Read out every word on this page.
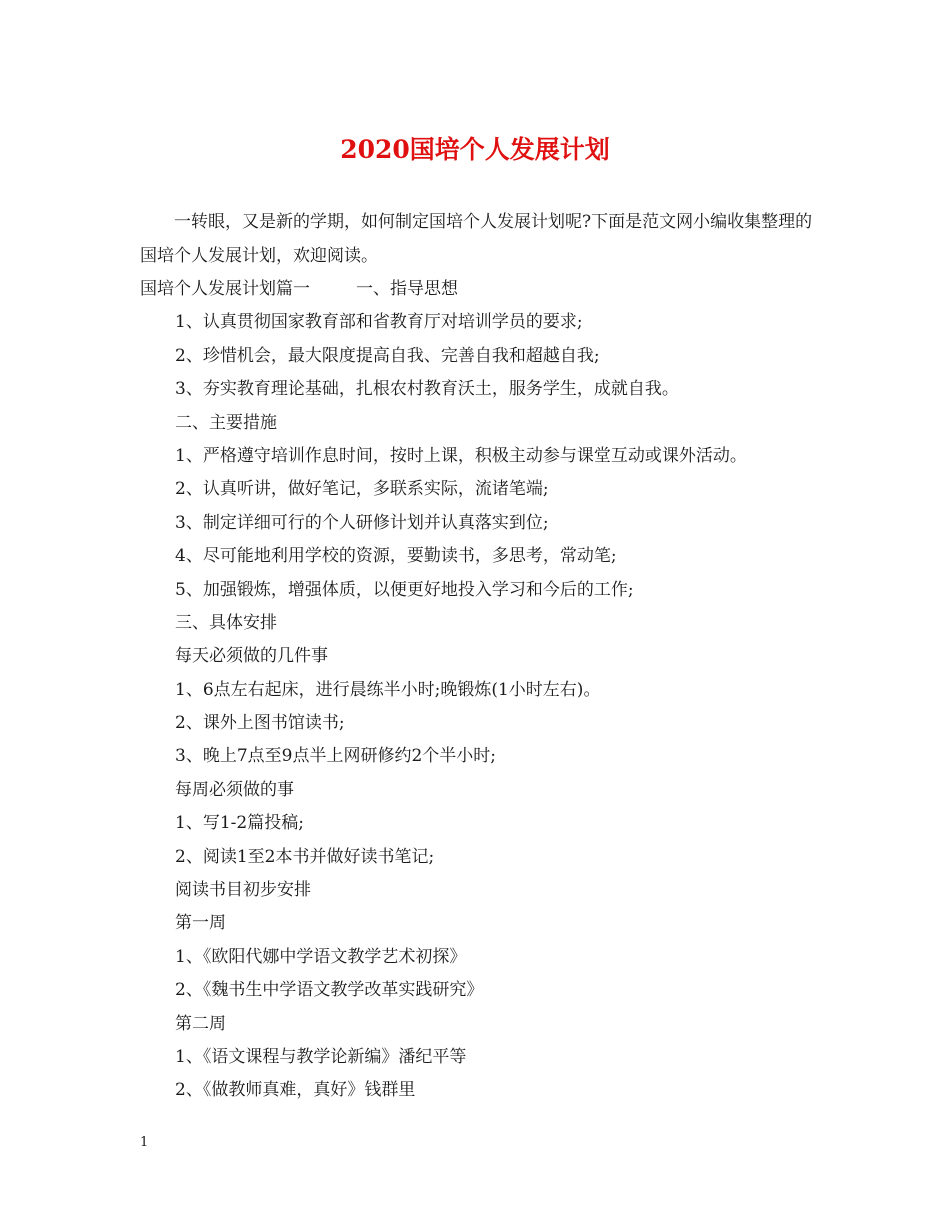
2020国培个人发展计划

一转眼，又是新的学期，如何制定国培个人发展计划呢?下面是范文网小编收集整理的国培个人发展计划，欢迎阅读。

国培个人发展计划篇一	一、指导思想
1、认真贯彻国家教育部和省教育厅对培训学员的要求;
2、珍惜机会，最大限度提高自我、完善自我和超越自我;
3、夯实教育理论基础，扎根农村教育沃土，服务学生，成就自我。
二、主要措施
1、严格遵守培训作息时间，按时上课，积极主动参与课堂互动或课外活动。
2、认真听讲，做好笔记，多联系实际，流诸笔端;
3、制定详细可行的个人研修计划并认真落实到位;
4、尽可能地利用学校的资源，要勤读书，多思考，常动笔;
5、加强锻炼，增强体质，以便更好地投入学习和今后的工作;
三、具体安排
每天必须做的几件事
1、6点左右起床，进行晨练半小时;晚锻炼(1小时左右)。
2、课外上图书馆读书;
3、晚上7点至9点半上网研修约2个半小时;
每周必须做的事
1、写1-2篇投稿;
2、阅读1至2本书并做好读书笔记;
阅读书目初步安排
第一周
1、《欧阳代娜中学语文教学艺术初探》
2、《魏书生中学语文教学改革实践研究》
第二周
1、《语文课程与教学论新编》潘纪平等
2、《做教师真难，真好》钱群里
1
